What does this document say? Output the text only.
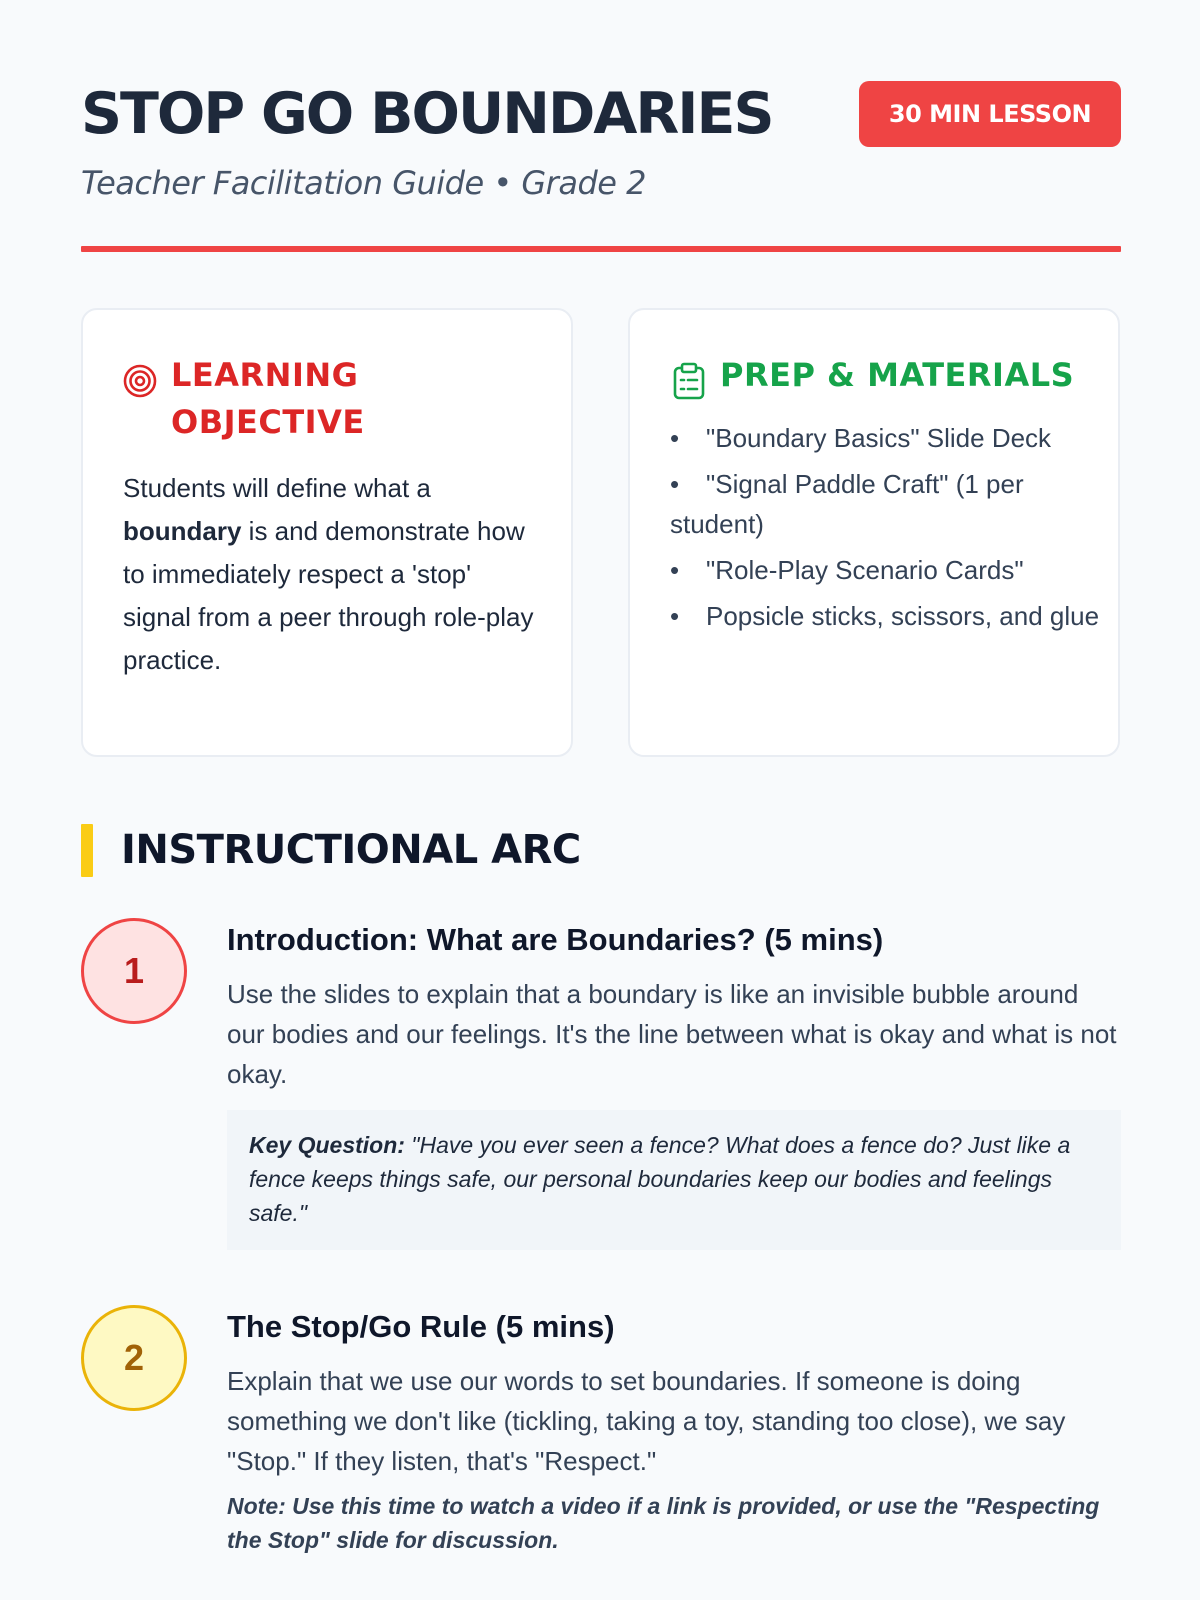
STOP GO BOUNDARIES
Teacher Facilitation Guide • Grade 2
30 MIN LESSON
LEARNING OBJECTIVE

Students will define what a boundary is and demonstrate how to immediately respect a 'stop' signal from a peer through role-play practice.

PREP & MATERIALS
• "Boundary Basics" Slide Deck
• "Signal Paddle Craft" (1 per student)
• "Role-Play Scenario Cards"
• Popsicle sticks, scissors, and glue
INSTRUCTIONAL ARC
1
Introduction: What are Boundaries? (5 mins)

Use the slides to explain that a boundary is like an invisible bubble around our bodies and our feelings. It's the line between what is okay and what is not okay.

Key Question: "Have you ever seen a fence? What does a fence do? Just like a fence keeps things safe, our personal boundaries keep our bodies and feelings safe."
2
The Stop/Go Rule (5 mins)

Explain that we use our words to set boundaries. If someone is doing something we don't like (tickling, taking a toy, standing too close), we say "Stop." If they listen, that's "Respect."

Note: Use this time to watch a video if a link is provided, or use the "Respecting the Stop" slide for discussion.
